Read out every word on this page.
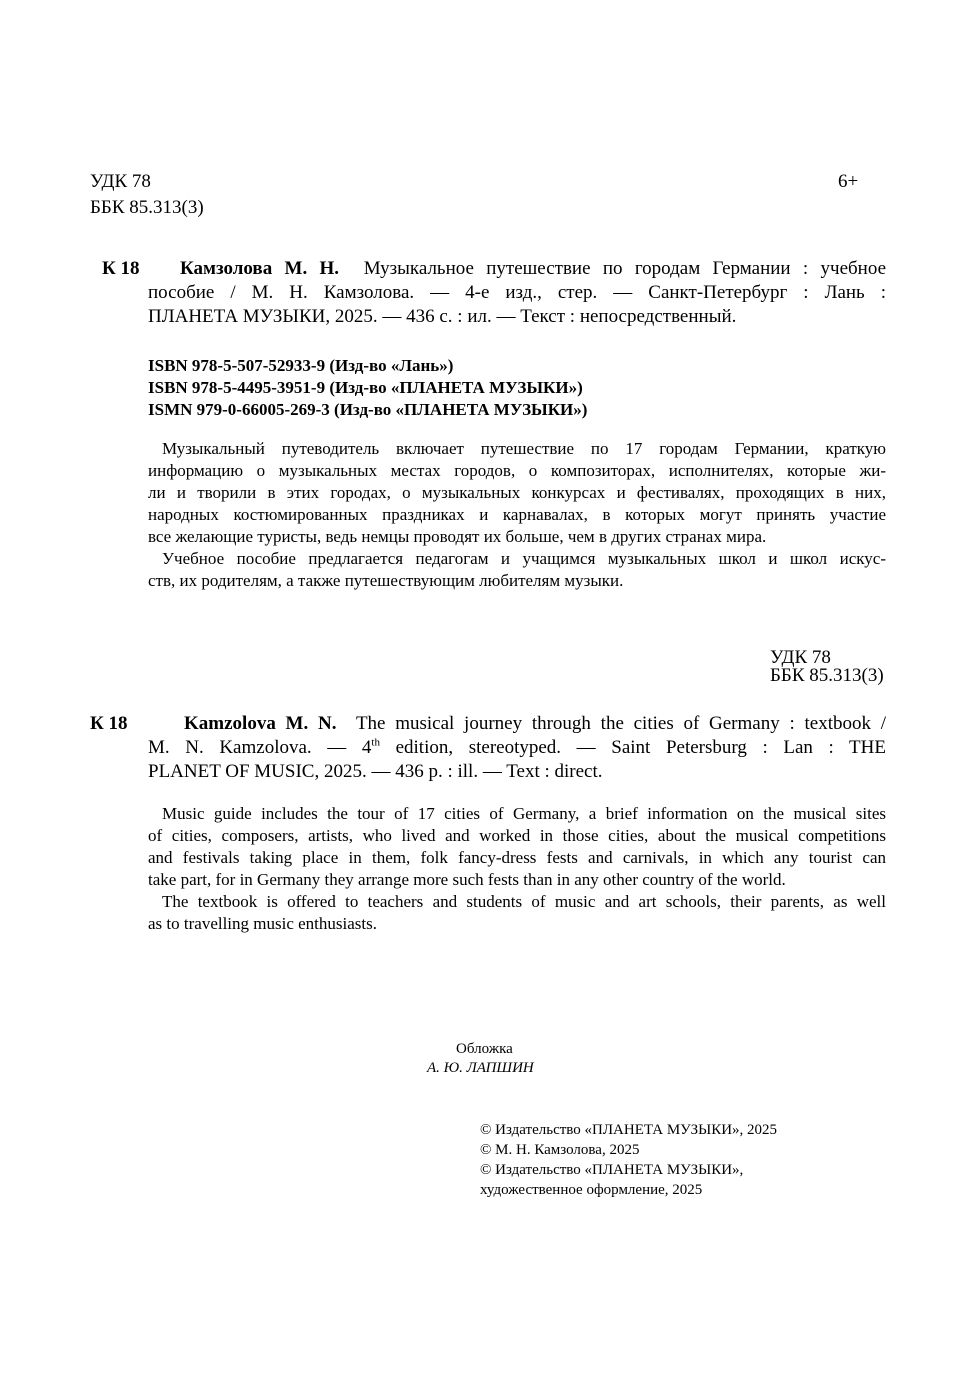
УДК 78
ББК 85.313(3)
6+
К 18	Камзолова М. Н. Музыкальное путешествие по городам Германии : учебное
пособие / М. Н. Камзолова. — 4-е изд., стер. — Санкт-Петербург : Лань :
ПЛАНЕТА МУЗЫКИ, 2025. — 436 с. : ил. — Текст : непосредственный.
ISBN 978-5-507-52933-9 (Изд-во «Лань»)
ISBN 978-5-4495-3951-9 (Изд-во «ПЛАНЕТА МУЗЫКИ»)
ISMN 979-0-66005-269-3 (Изд-во «ПЛАНЕТА МУЗЫКИ»)
Музыкальный путеводитель включает путешествие по 17 городам Германии, краткую
информацию о музыкальных местах городов, о композиторах, исполнителях, которые жи-
ли и творили в этих городах, о музыкальных конкурсах и фестивалях, проходящих в них,
народных костюмированных праздниках и карнавалах, в которых могут принять участие
все желающие туристы, ведь немцы проводят их больше, чем в других странах мира.
Учебное пособие предлагается педагогам и учащимся музыкальных школ и школ искус-
ств, их родителям, а также путешествующим любителям музыки.
УДК 78
ББК 85.313(3)
К 18	Kamzolova M. N. The musical journey through the cities of Germany : textbook /
M. N. Kamzolova. — 4th edition, stereotyped. — Saint Petersburg : Lan : THE
PLANET OF MUSIC, 2025. — 436 p. : ill. — Text : direct.
Music guide includes the tour of 17 cities of Germany, a brief information on the musical sites
of cities, composers, artists, who lived and worked in those cities, about the musical competitions
and festivals taking place in them, folk fancy-dress fests and carnivals, in which any tourist can
take part, for in Germany they arrange more such fests than in any other country of the world.
The textbook is offered to teachers and students of music and art schools, their parents, as well
as to travelling music enthusiasts.
Обложка
А. Ю. ЛАПШИН
© Издательство «ПЛАНЕТА МУЗЫКИ», 2025
© М. Н. Камзолова, 2025
© Издательство «ПЛАНЕТА МУЗЫКИ»,
художественное оформление, 2025
